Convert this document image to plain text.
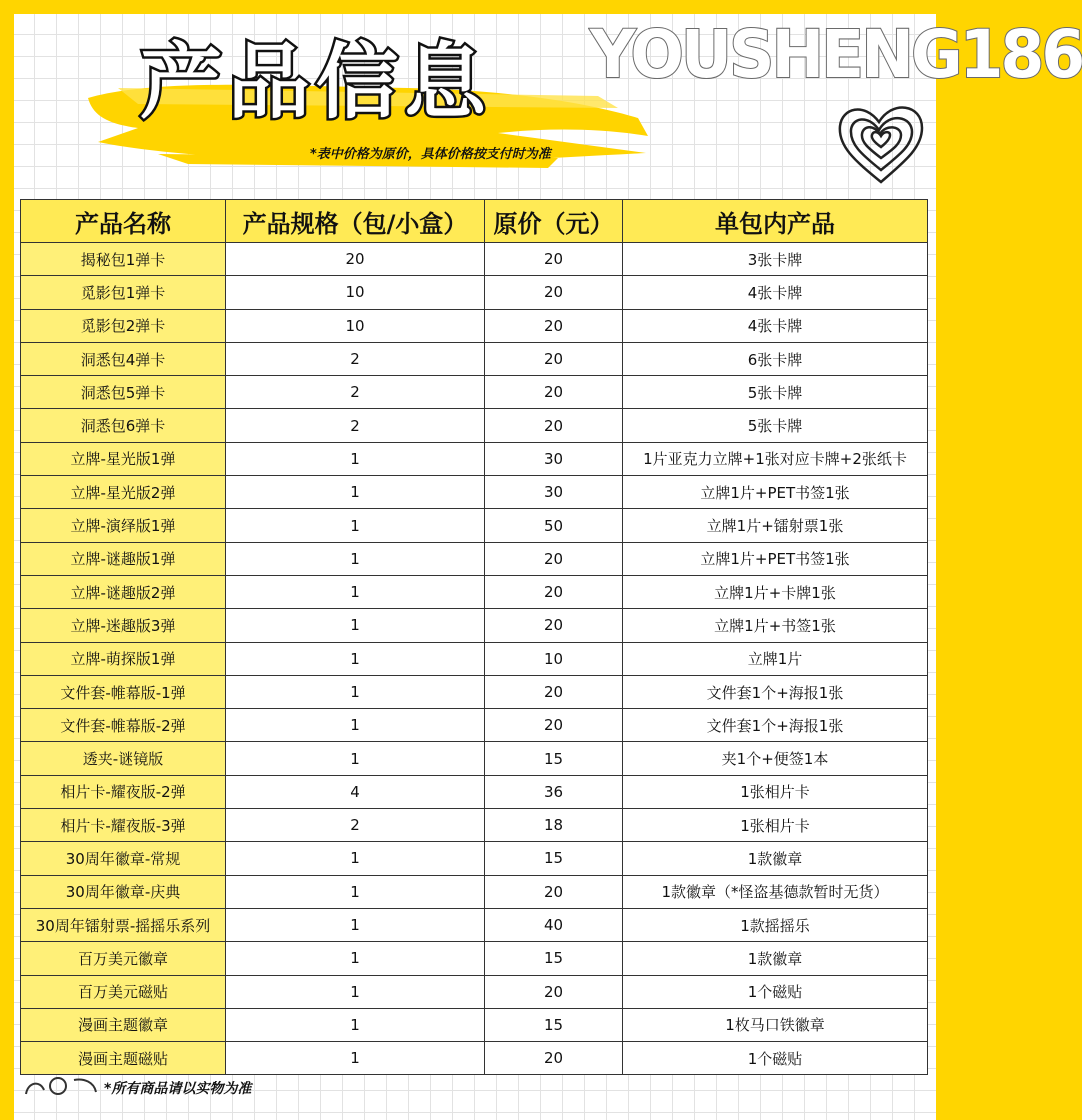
产品信息
*表中价格为原价，具体价格按支付时为准
YOUSHENG186
产品名称	产品规格（包/小盒）	原价（元）	单包内产品
揭秘包1弹卡	20	20	3张卡牌
觅影包1弹卡	10	20	4张卡牌
觅影包2弹卡	10	20	4张卡牌
洞悉包4弹卡	2	20	6张卡牌
洞悉包5弹卡	2	20	5张卡牌
洞悉包6弹卡	2	20	5张卡牌
立牌-星光版1弹	1	30	1片亚克力立牌+1张对应卡牌+2张纸卡
立牌-星光版2弹	1	30	立牌1片+PET书签1张
立牌-演绎版1弹	1	50	立牌1片+镭射票1张
立牌-谜趣版1弹	1	20	立牌1片+PET书签1张
立牌-谜趣版2弹	1	20	立牌1片+卡牌1张
立牌-迷趣版3弹	1	20	立牌1片+书签1张
立牌-萌探版1弹	1	10	立牌1片
文件套-帷幕版-1弹	1	20	文件套1个+海报1张
文件套-帷幕版-2弹	1	20	文件套1个+海报1张
透夹-谜镜版	1	15	夹1个+便签1本
相片卡-耀夜版-2弹	4	36	1张相片卡
相片卡-耀夜版-3弹	2	18	1张相片卡
30周年徽章-常规	1	15	1款徽章
30周年徽章-庆典	1	20	1款徽章（*怪盗基德款暂时无货）
30周年镭射票-摇摇乐系列	1	40	1款摇摇乐
百万美元徽章	1	15	1款徽章
百万美元磁贴	1	20	1个磁贴
漫画主题徽章	1	15	1枚马口铁徽章
漫画主题磁贴	1	20	1个磁贴
*所有商品请以实物为准
